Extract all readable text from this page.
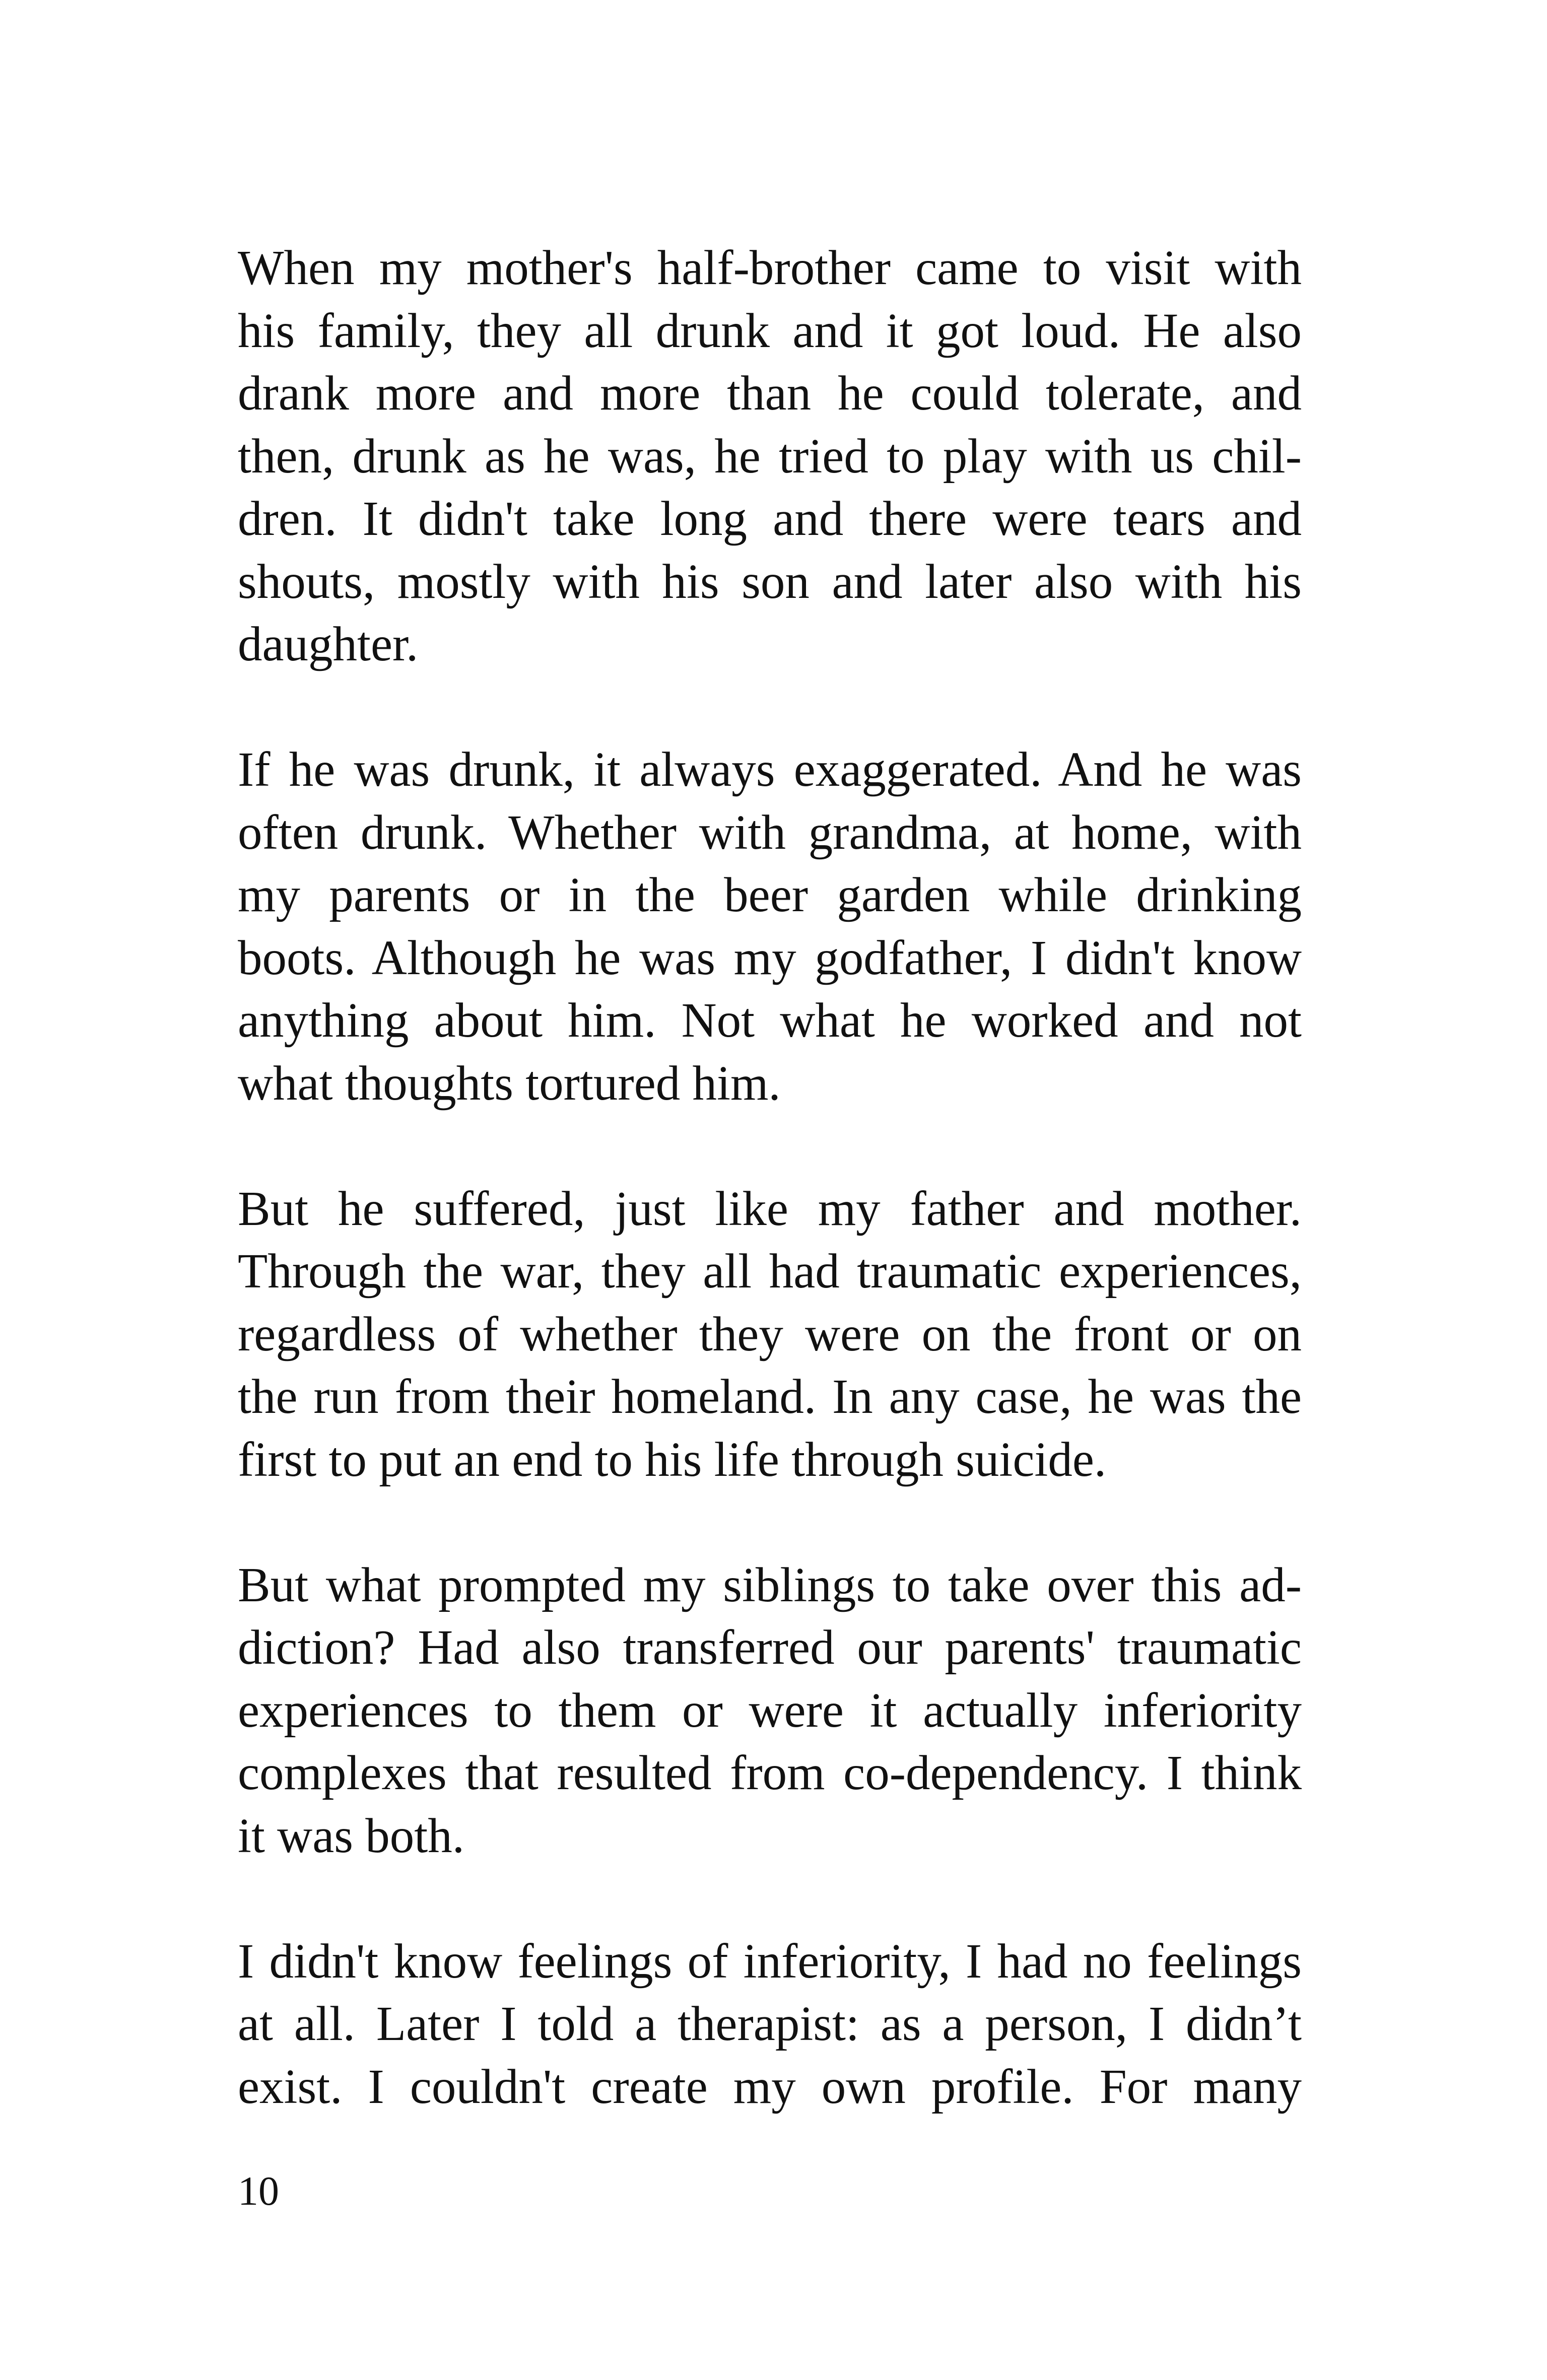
When my mother's half-brother came to visit with
his family, they all drunk and it got loud. He also
drank more and more than he could tolerate, and
then, drunk as he was, he tried to play with us chil-
dren. It didn't take long and there were tears and
shouts, mostly with his son and later also with his
daughter.
If he was drunk, it always exaggerated. And he was
often drunk. Whether with grandma, at home, with
my parents or in the beer garden while drinking
boots. Although he was my godfather, I didn't know
anything about him. Not what he worked and not
what thoughts tortured him.
But he suffered, just like my father and mother.
Through the war, they all had traumatic experiences,
regardless of whether they were on the front or on
the run from their homeland. In any case, he was the
first to put an end to his life through suicide.
But what prompted my siblings to take over this ad-
diction? Had also transferred our parents' traumatic
experiences to them or were it actually inferiority
complexes that resulted from co-dependency. I think
it was both.
I didn't know feelings of inferiority, I had no feelings
at all. Later I told a therapist: as a person, I didn’t
exist. I couldn't create my own profile. For many
10
